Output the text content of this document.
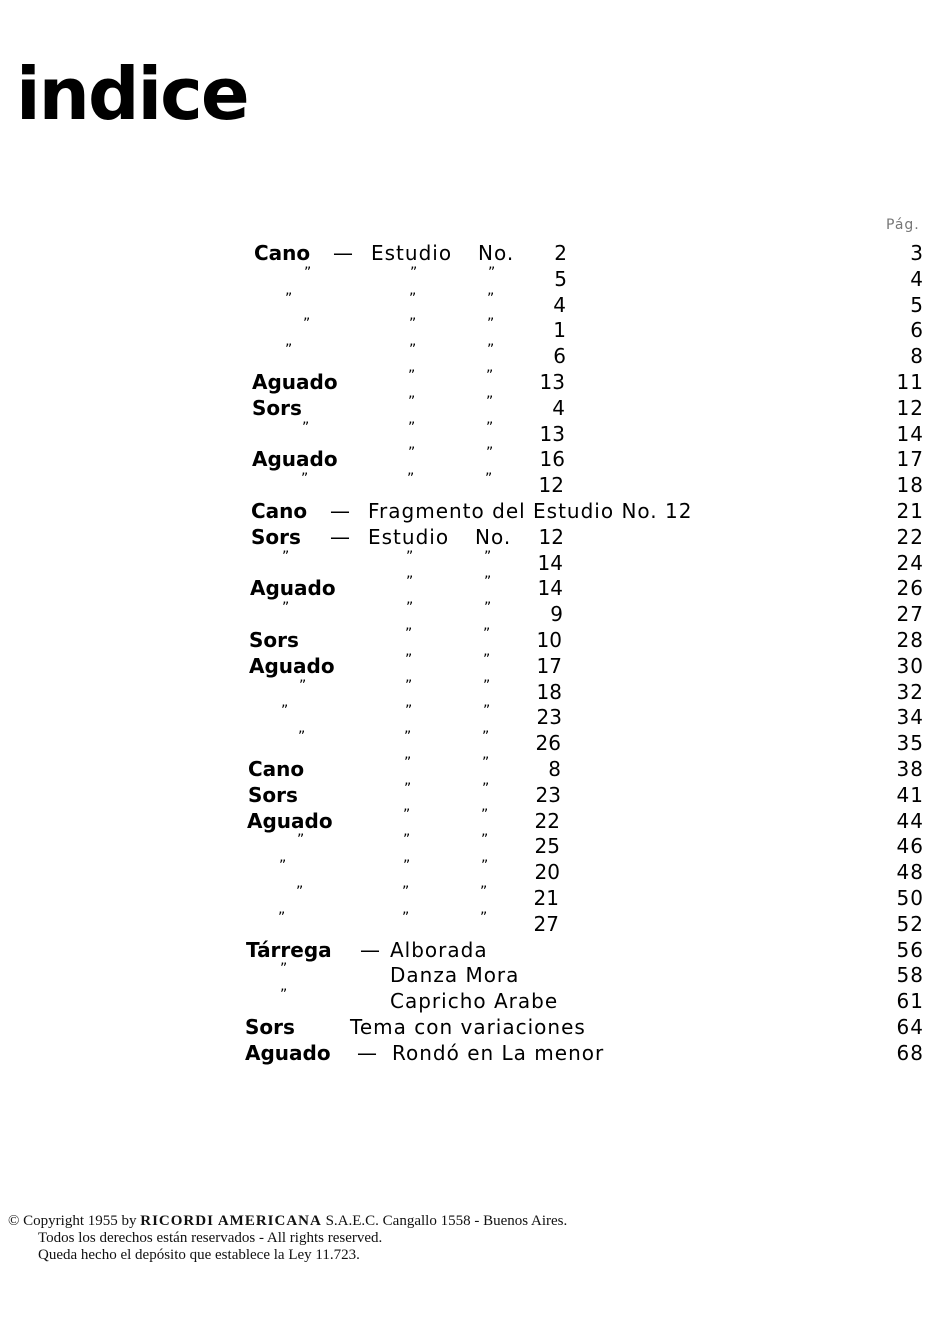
indice
Pág.
Cano — Estudio No.	2	3
”	”	”	5	4
”	”	”	4	5
”	”	”	1	6
”	”	”	6	8
Aguado	”	”	13	11
Sors	”	”	4	12
”	”	”	13	14
Aguado	”	”	16	17
”	”	”	12	18
Cano — Fragmento del Estudio No. 12	21
Sors — Estudio No.	12	22
”	”	”	14	24
Aguado	”	”	14	26
”	”	”	9	27
Sors	”	”	10	28
Aguado	”	”	17	30
”	”	”	18	32
”	”	”	23	34
”	”	”	26	35
Cano	”	”	8	38
Sors	”	”	23	41
Aguado	”	”	22	44
”	”	”	25	46
”	”	”	20	48
”	”	”	21	50
”	”	”	27	52
Tárrega — Alborada	56
”	Danza Mora	58
”	Capricho Arabe	61
Sors	Tema con variaciones	64
Aguado — Rondó en La menor	68
© Copyright 1955 by RICORDI AMERICANA S.A.E.C. Cangallo 1558 - Buenos Aires.
Todos los derechos están reservados - All rights reserved.
Queda hecho el depósito que establece la Ley 11.723.
